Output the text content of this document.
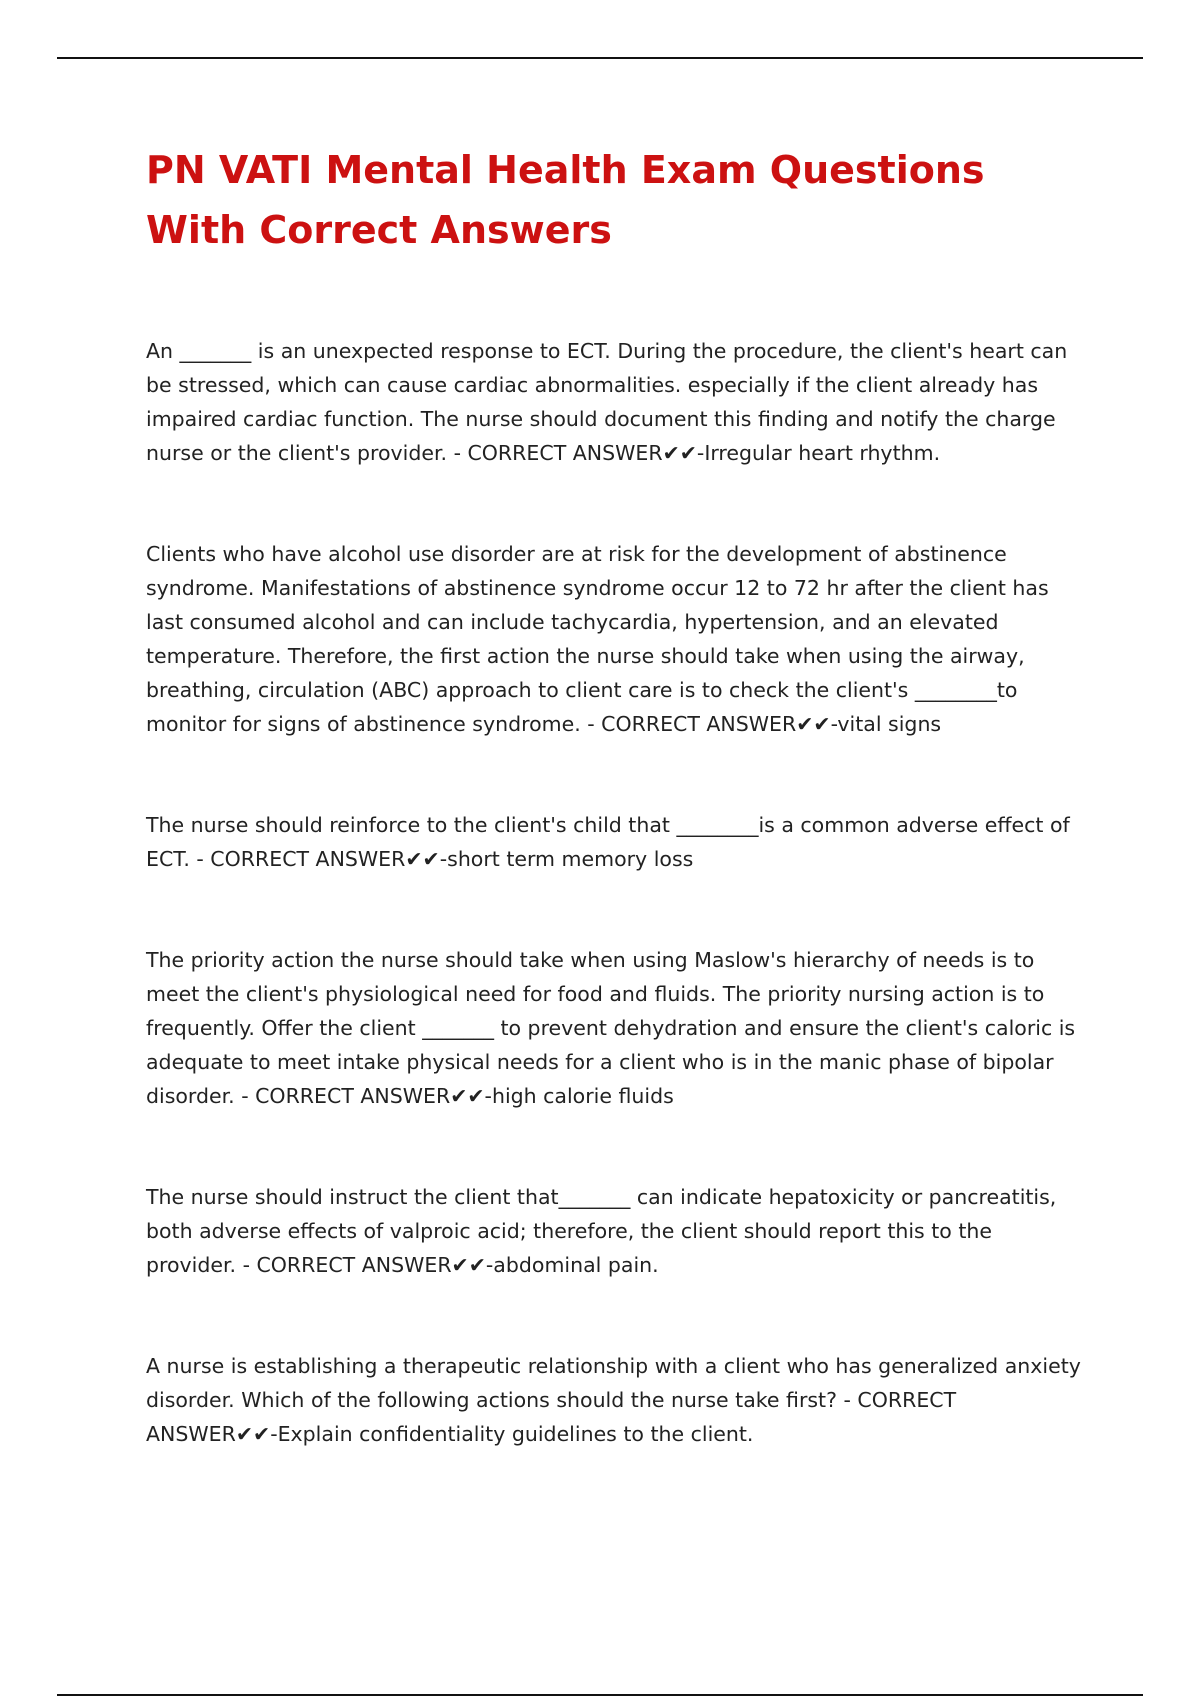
PN VATI Mental Health Exam Questions With Correct Answers

An _______ is an unexpected response to ECT. During the procedure, the client's heart can be stressed, which can cause cardiac abnormalities. especially if the client already has impaired cardiac function. The nurse should document this finding and notify the charge nurse or the client's provider. - CORRECT ANSWER✔✔-Irregular heart rhythm.

Clients who have alcohol use disorder are at risk for the development of abstinence syndrome. Manifestations of abstinence syndrome occur 12 to 72 hr after the client has last consumed alcohol and can include tachycardia, hypertension, and an elevated temperature. Therefore, the first action the nurse should take when using the airway, breathing, circulation (ABC) approach to client care is to check the client's ________to monitor for signs of abstinence syndrome. - CORRECT ANSWER✔✔-vital signs

The nurse should reinforce to the client's child that ________is a common adverse effect of ECT. - CORRECT ANSWER✔✔-short term memory loss

The priority action the nurse should take when using Maslow's hierarchy of needs is to meet the client's physiological need for food and fluids. The priority nursing action is to frequently. Offer the client _______ to prevent dehydration and ensure the client's caloric is adequate to meet intake physical needs for a client who is in the manic phase of bipolar disorder. - CORRECT ANSWER✔✔-high calorie fluids

The nurse should instruct the client that_______ can indicate hepatoxicity or pancreatitis, both adverse effects of valproic acid; therefore, the client should report this to the provider. - CORRECT ANSWER✔✔-abdominal pain.

A nurse is establishing a therapeutic relationship with a client who has generalized anxiety disorder. Which of the following actions should the nurse take first? - CORRECT ANSWER✔✔-Explain confidentiality guidelines to the client.
